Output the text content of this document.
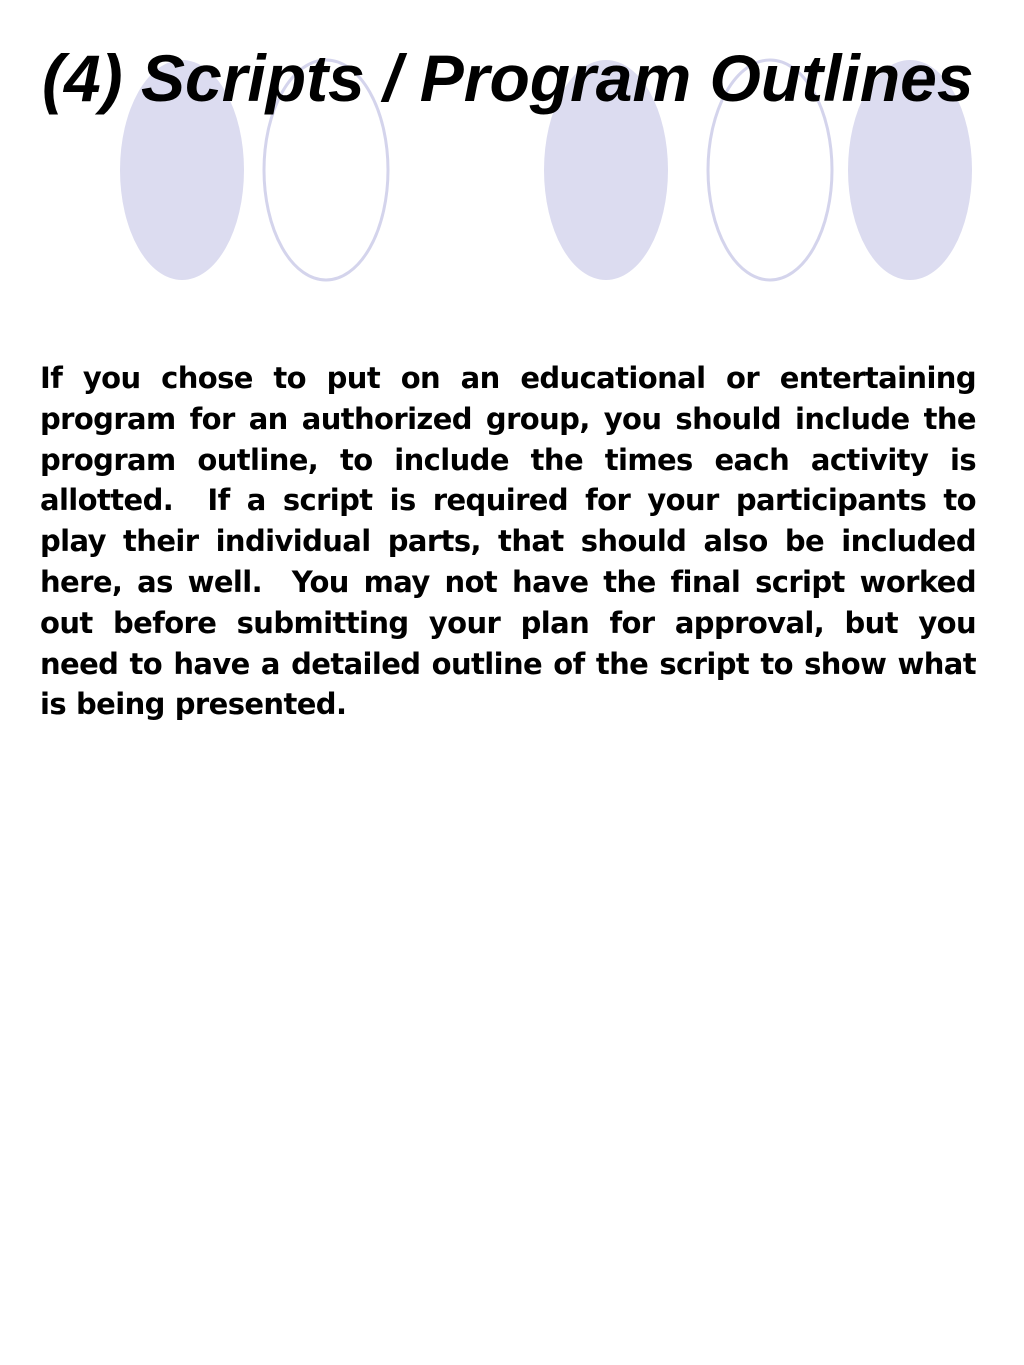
(4) Scripts / Program Outlines

If you chose to put on an educational or entertaining program for an authorized group, you should include the program outline, to include the times each activity is allotted.  If a script is required for your participants to play their individual parts, that should also be included here, as well.  You may not have the final script worked out before submitting your plan for approval, but you need to have a detailed outline of the script to show what is being presented.
